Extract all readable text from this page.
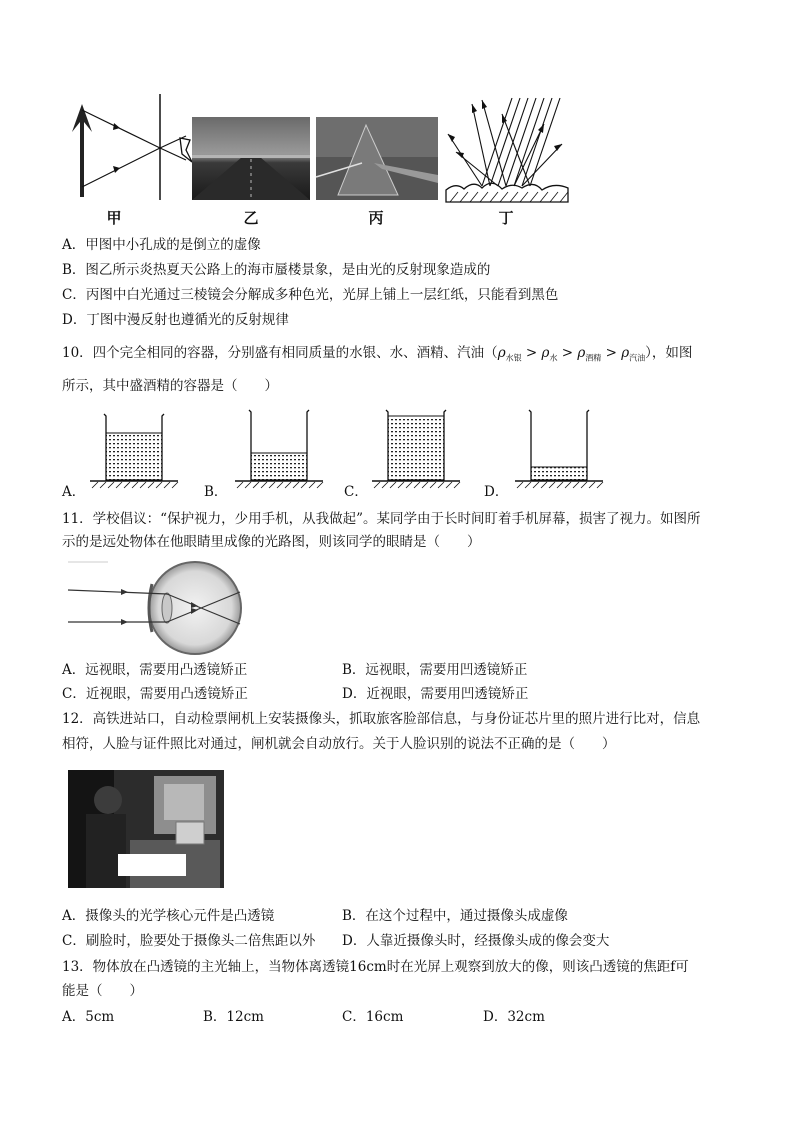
甲	乙	丙	丁
A．甲图中小孔成的是倒立的虚像
B．图乙所示炎热夏天公路上的海市蜃楼景象，是由光的反射现象造成的
C．丙图中白光通过三棱镜会分解成多种色光，光屏上铺上一层红纸，只能看到黑色
D．丁图中漫反射也遵循光的反射规律
10．四个完全相同的容器，分别盛有相同质量的水银、水、酒精、汽油$(\rho_{水银} > \rho_水 > \rho_{酒精} > \rho_{汽油})$，如图
所示，其中盛酒精的容器是（　　）
A．	B．	C．	D．
11．学校倡议：“保护视力，少用手机，从我做起”。某同学由于长时间盯着手机屏幕，损害了视力。如图所
示的是远处物体在他眼睛里成像的光路图，则该同学的眼睛是（　　）
A．远视眼，需要用凸透镜矫正	B．远视眼，需要用凹透镜矫正
C．近视眼，需要用凸透镜矫正	D．近视眼，需要用凹透镜矫正
12．高铁进站口，自动检票闸机上安装摄像头，抓取旅客脸部信息，与身份证芯片里的照片进行比对，信息
相符，人脸与证件照比对通过，闸机就会自动放行。关于人脸识别的说法不正确的是（　　）
A．摄像头的光学核心元件是凸透镜	B．在这个过程中，通过摄像头成虚像
C．刷脸时，脸要处于摄像头二倍焦距以外 D．人靠近摄像头时，经摄像头成的像会变大
13．物体放在凸透镜的主光轴上，当物体离透镜16cm时在光屏上观察到放大的像，则该凸透镜的焦距f可
能是（　　）
A．5cm	B．12cm	C．16cm	D．32cm
